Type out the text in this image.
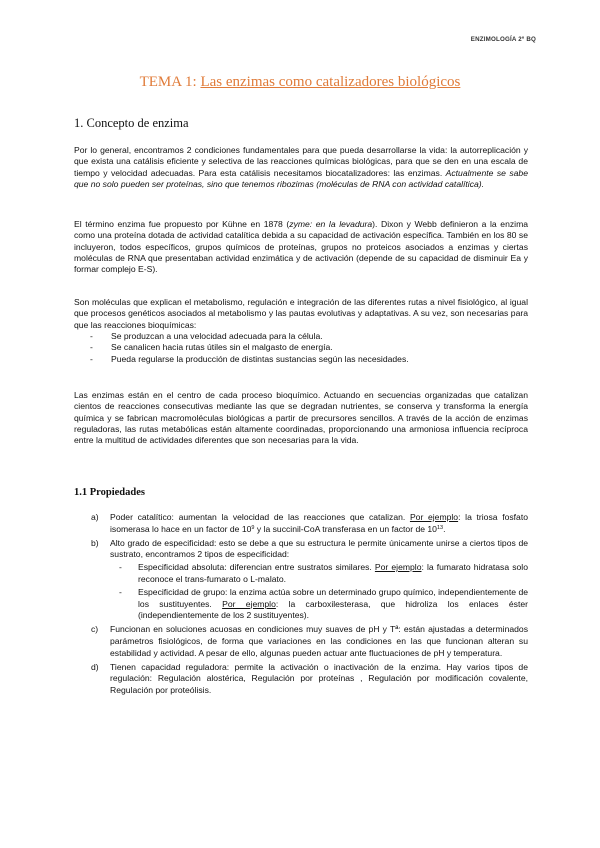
ENZIMOLOGÍA 2º BQ
TEMA 1: Las enzimas como catalizadores biológicos
1. Concepto de enzima
Por lo general, encontramos 2 condiciones fundamentales para que pueda desarrollarse la vida: la autorreplicación y que exista una catálisis eficiente y selectiva de las reacciones químicas biológicas, para que se den en una escala de tiempo y velocidad adecuadas. Para esta catálisis necesitamos biocatalizadores: las enzimas. Actualmente se sabe que no solo pueden ser proteínas, sino que tenemos ribozimas (moléculas de RNA con actividad catalítica).
El término enzima fue propuesto por Kühne en 1878 (zyme: en la levadura). Dixon y Webb definieron a la enzima como una proteína dotada de actividad catalítica debida a su capacidad de activación específica. También en los 80 se incluyeron, todos específicos, grupos químicos de proteínas, grupos no proteicos asociados a enzimas y ciertas moléculas de RNA que presentaban actividad enzimática y de activación (depende de su capacidad de disminuir Ea y formar complejo E-S).
Son moléculas que explican el metabolismo, regulación e integración de las diferentes rutas a nivel fisiológico, al igual que procesos genéticos asociados al metabolismo y las pautas evolutivas y adaptativas. A su vez, son necesarias para que las reacciones bioquímicas:
- Se produzcan a una velocidad adecuada para la célula.
- Se canalicen hacia rutas útiles sin el malgasto de energía.
- Pueda regularse la producción de distintas sustancias según las necesidades.
Las enzimas están en el centro de cada proceso bioquímico. Actuando en secuencias organizadas que catalizan cientos de reacciones consecutivas mediante las que se degradan nutrientes, se conserva y transforma la energía química y se fabrican macromoléculas biológicas a partir de precursores sencillos. A través de la acción de enzimas reguladoras, las rutas metabólicas están altamente coordinadas, proporcionando una armoniosa influencia recíproca entre la multitud de actividades diferentes que son necesarias para la vida.
1.1 Propiedades
a) Poder catalítico: aumentan la velocidad de las reacciones que catalizan. Por ejemplo: la triosa fosfato isomerasa lo hace en un factor de $10^9$ y la succinil-CoA transferasa en un factor de $10^{13}$.
b) Alto grado de especificidad: esto se debe a que su estructura le permite únicamente unirse a ciertos tipos de sustrato, encontramos 2 tipos de especificidad:
- Especificidad absoluta: diferencian entre sustratos similares. Por ejemplo: la fumarato hidratasa solo reconoce el trans-fumarato o L-malato.
- Especificidad de grupo: la enzima actúa sobre un determinado grupo químico, independientemente de los sustituyentes. Por ejemplo: la carboxilesterasa, que hidroliza los enlaces éster (independientemente de los 2 sustituyentes).
c) Funcionan en soluciones acuosas en condiciones muy suaves de pH y Tª: están ajustadas a determinados parámetros fisiológicos, de forma que variaciones en las condiciones en las que funcionan alteran su estabilidad y actividad. A pesar de ello, algunas pueden actuar ante fluctuaciones de pH y temperatura.
d) Tienen capacidad reguladora: permite la activación o inactivación de la enzima. Hay varios tipos de regulación: Regulación alostérica, Regulación por proteínas , Regulación por modificación covalente, Regulación por proteólisis.
